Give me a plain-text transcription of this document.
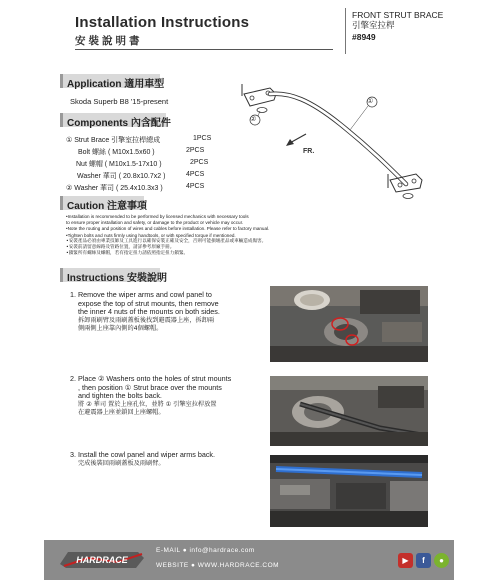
Installation Instructions
安裝說明書
FRONT STRUT BRACE
引擎室拉桿
#8949
Application 適用車型
Skoda Superb B8 '15-present
Components 內含配件
① Strut Brace 引擎室拉桿總成	1PCS
Bolt 螺絲 ( M10x1.5x60 )	2PCS
Nut 螺帽 ( M10x1.5-17x10 )	2PCS
Washer 華司 ( 20.8x10.7x2 )	4PCS
② Washer 華司 ( 25.4x10.3x3 )	4PCS
①
②
FR.
Caution 注意事項
•Installation is recommended to be performed by licensed mechanics with necessary tools
to ensure proper installation and safety, or damage to the product or vehicle may occur.
•Note the routing and position of wires and cables before installation. Please refer to factory manual.
•Tighten bolts and nuts firmly using handtools, or with specified torque if mentioned.
•安裝產品必須由專業技師及工具進行以確保安裝正確及安全，否則可能損壞產品或車輛造成傷害。
•安裝前請留意線路及管路位置，請詳參考原廠手冊。
•鎖緊所有螺絲及螺帽，若有指定扭力請依照指定扭力鎖緊。
Instructions 安裝說明
1. Remove the wiper arms and cowl panel to
expose the top of strut mounts, then remove
the inner 4 nuts of the mounts on both sides.
拆卸雨刷臂及雨刷蓋板後找到避震器上座，拆卸兩
側兩側上座靠內側的4個螺帽。
2. Place ② Washers onto the holes of strut mounts
, then position ① Strut brace over the mounts
and tighten the bolts back.
將 ② 華司 置於上座孔位，並將 ① 引擎室拉桿放置
在避震器上座並鎖回上座螺帽。
3. Install the cowl panel and wiper arms back.
完成後裝回雨刷蓋板及雨刷臂。
HARDRACE
E-MAIL ● info@hardrace.com
WEBSITE ● WWW.HARDRACE.COM
▶	f	●
